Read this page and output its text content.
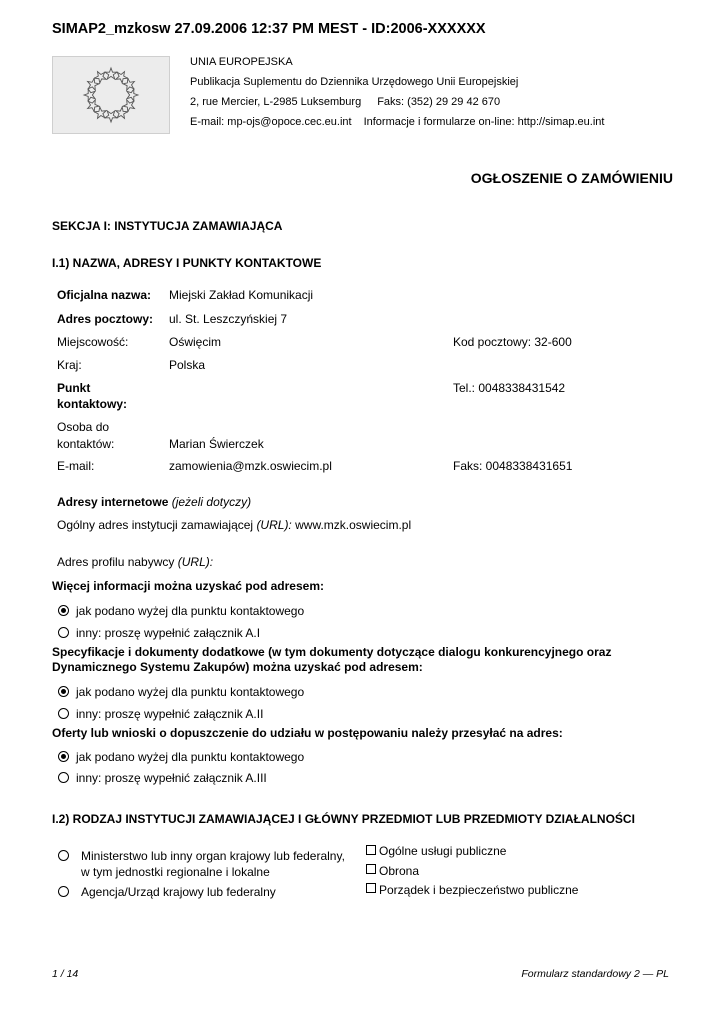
SIMAP2_mzkosw 27.09.2006 12:37 PM MEST - ID:2006-XXXXXX
UNIA EUROPEJSKA
Publikacja Suplementu do Dziennika Urzędowego Unii Europejskiej
2, rue Mercier, L-2985 Luksemburg Faks: (352) 29 29 42 670
E-mail: mp-ojs@opoce.cec.eu.int Informacje i formularze on-line: http://simap.eu.int
OGŁOSZENIE O ZAMÓWIENIU
SEKCJA I: INSTYTUCJA ZAMAWIAJĄCA
I.1) NAZWA, ADRESY I PUNKTY KONTAKTOWE
Oficjalna nazwa: Miejski Zakład Komunikacji
Adres pocztowy: ul. St. Leszczyńskiej 7
Miejscowość:	Oświęcim	Kod pocztowy: 32-600
Kraj:	Polska
Punkt
kontaktowy:
Tel.: 0048338431542
Osoba do
kontaktów:	Marian Świerczek
E-mail:	zamowienia@mzk.oswiecim.pl	Faks: 0048338431651
Adresy internetowe (jeżeli dotyczy)
Ogólny adres instytucji zamawiającej (URL): www.mzk.oswiecim.pl
Adres profilu nabywcy (URL):
Więcej informacji można uzyskać pod adresem:
jak podano wyżej dla punktu kontaktowego
inny: proszę wypełnić załącznik A.I
Specyfikacje i dokumenty dodatkowe (w tym dokumenty dotyczące dialogu konkurencyjnego oraz
Dynamicznego Systemu Zakupów) można uzyskać pod adresem:
jak podano wyżej dla punktu kontaktowego
inny: proszę wypełnić załącznik A.II
Oferty lub wnioski o dopuszczenie do udziału w postępowaniu należy przesyłać na adres:
jak podano wyżej dla punktu kontaktowego
inny: proszę wypełnić załącznik A.III
I.2) RODZAJ INSTYTUCJI ZAMAWIAJĄCEJ I GŁÓWNY PRZEDMIOT LUB PRZEDMIOTY DZIAŁALNOŚCI
Ministerstwo lub inny organ krajowy lub federalny,
w tym jednostki regionalne i lokalne
Agencja/Urząd krajowy lub federalny
Ogólne usługi publiczne
Obrona
Porządek i bezpieczeństwo publiczne
1 / 14	Formularz standardowy 2 — PL
